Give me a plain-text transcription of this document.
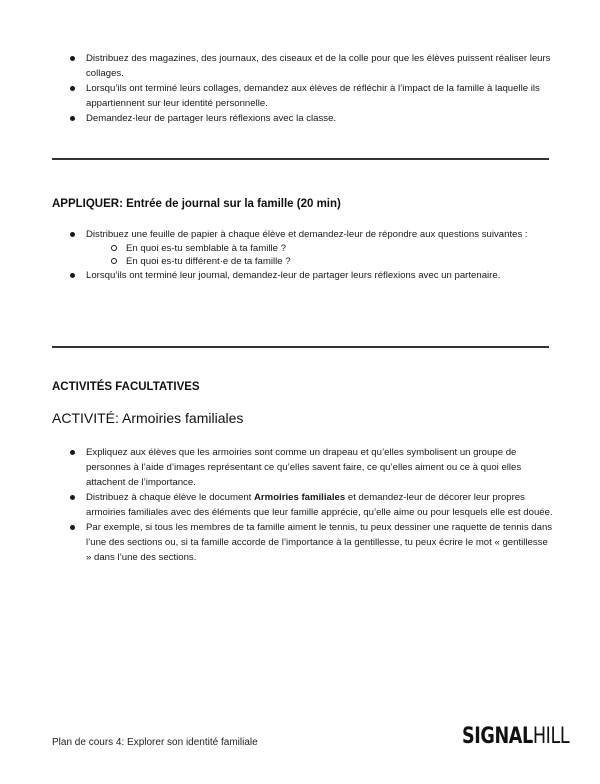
Distribuez des magazines, des journaux, des ciseaux et de la colle pour que les élèves puissent réaliser leurs collages.
Lorsqu’ils ont terminé leurs collages, demandez aux élèves de réfléchir à l’impact de la famille à laquelle ils appartiennent sur leur identité personnelle.
Demandez-leur de partager leurs réflexions avec la classe.
APPLIQUER: Entrée de journal sur la famille (20 min)
Distribuez une feuille de papier à chaque élève et demandez-leur de répondre aux questions suivantes :
En quoi es-tu semblable à ta famille ?
En quoi es-tu différent·e de ta famille ?
Lorsqu’ils ont terminé leur journal, demandez-leur de partager leurs réflexions avec un partenaire.
ACTIVITÉS FACULTATIVES
ACTIVITÉ: Armoiries familiales
Expliquez aux élèves que les armoiries sont comme un drapeau et qu’elles symbolisent un groupe de personnes à l’aide d’images représentant ce qu’elles savent faire, ce qu’elles aiment ou ce à quoi elles attachent de l’importance.
Distribuez à chaque élève le document Armoiries familiales et demandez-leur de décorer leur propres armoiries familiales avec des éléments que leur famille apprécie, qu’elle aime ou pour lesquels elle est douée.
Par exemple, si tous les membres de ta famille aiment le tennis, tu peux dessiner une raquette de tennis dans l’une des sections ou, si ta famille accorde de l’importance à la gentillesse, tu peux écrire le mot « gentillesse » dans l’une des sections.
Plan de cours 4: Explorer son identité familiale	SIGNALHILL
